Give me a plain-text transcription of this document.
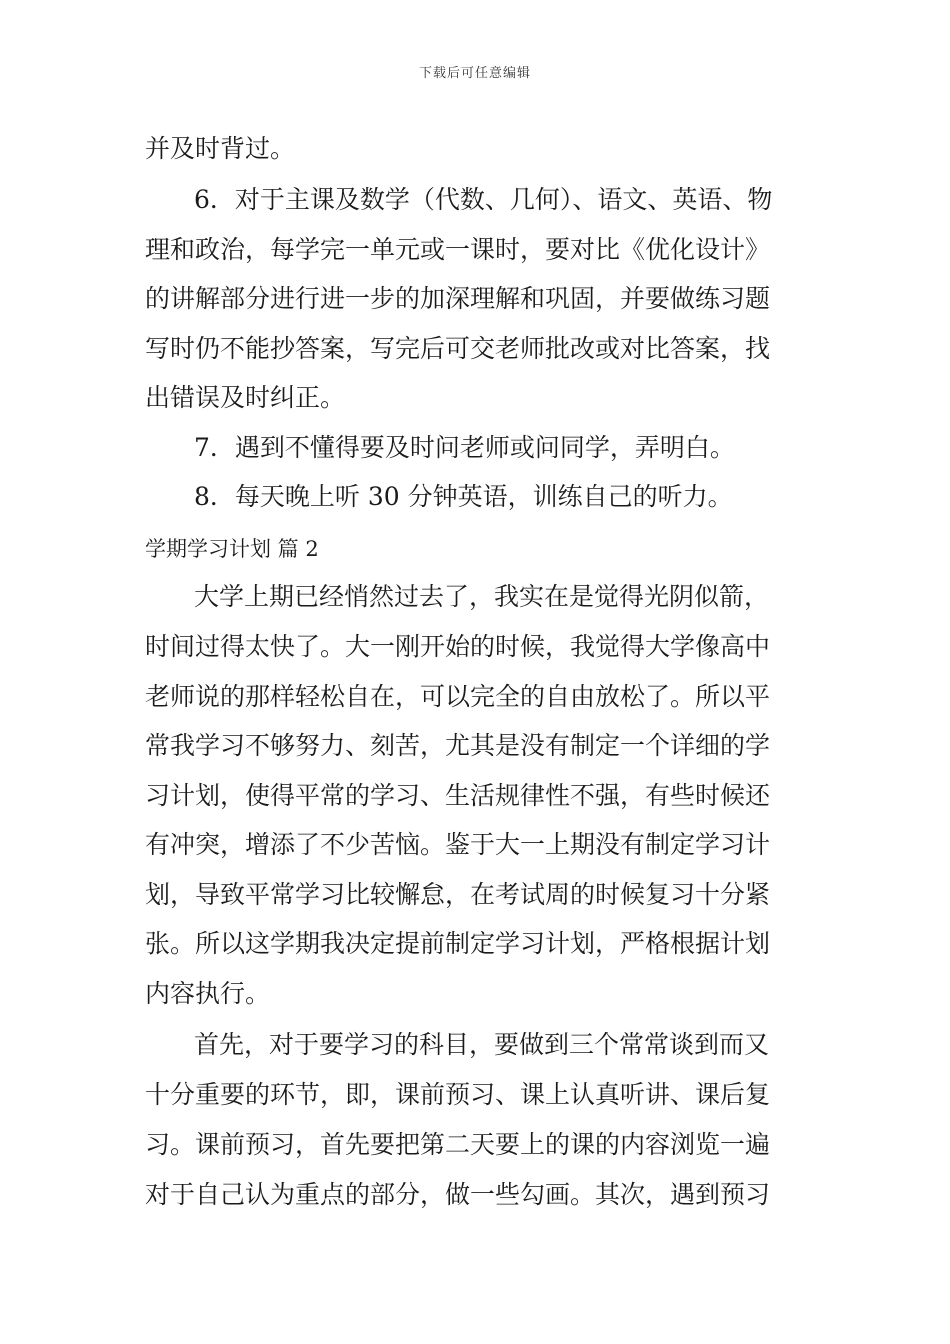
下载后可任意编辑
并及时背过。
6．对于主课及数学（代数、几何）、语文、英语、物
理和政治，每学完一单元或一课时，要对比《优化设计》
的讲解部分进行进一步的加深理解和巩固，并要做练习题
写时仍不能抄答案，写完后可交老师批改或对比答案，找
出错误及时纠正。
7．遇到不懂得要及时问老师或问同学，弄明白。
8．每天晚上听 30 分钟英语，训练自己的听力。
学期学习计划 篇 2
大学上期已经悄然过去了，我实在是觉得光阴似箭，
时间过得太快了。大一刚开始的时候，我觉得大学像高中
老师说的那样轻松自在，可以完全的自由放松了。所以平
常我学习不够努力、刻苦，尤其是没有制定一个详细的学
习计划，使得平常的学习、生活规律性不强，有些时候还
有冲突，增添了不少苦恼。鉴于大一上期没有制定学习计
划，导致平常学习比较懈怠，在考试周的时候复习十分紧
张。所以这学期我决定提前制定学习计划，严格根据计划
内容执行。
首先，对于要学习的科目，要做到三个常常谈到而又
十分重要的环节，即，课前预习、课上认真听讲、课后复
习。课前预习，首先要把第二天要上的课的内容浏览一遍
对于自己认为重点的部分，做一些勾画。其次，遇到预习
